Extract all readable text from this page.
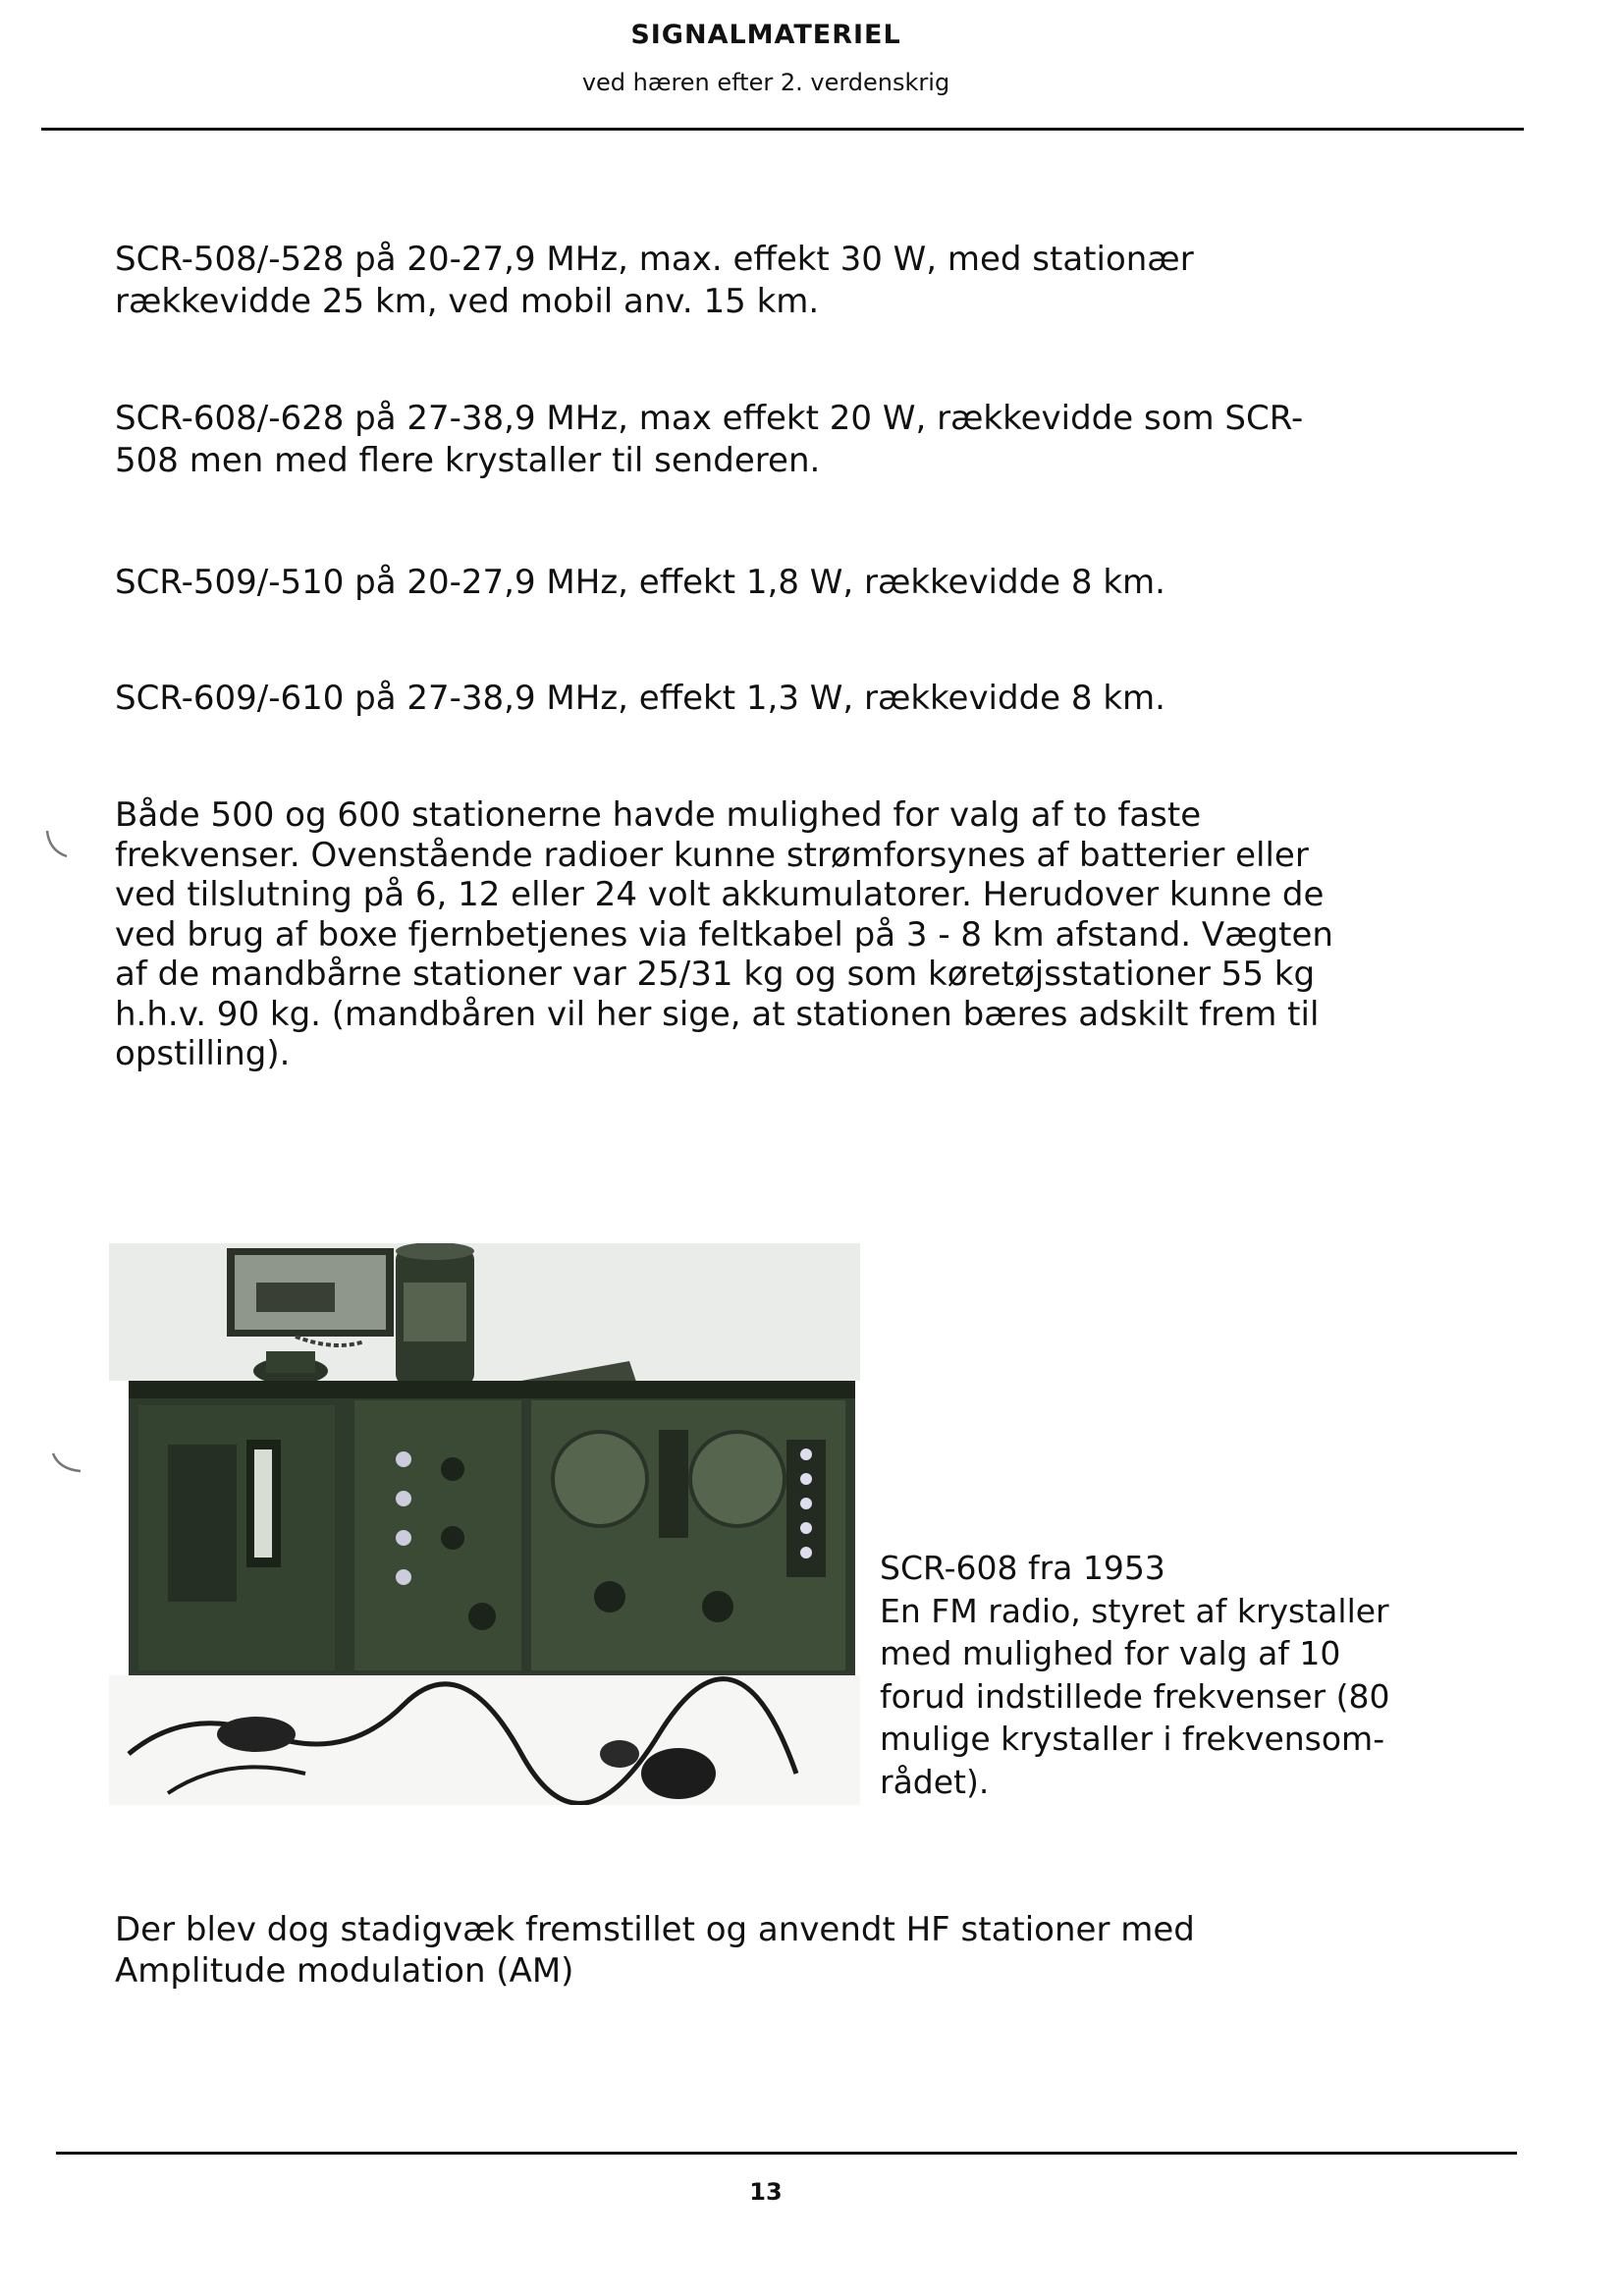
SIGNALMATERIEL
ved hæren efter 2. verdenskrig

SCR-508/-528 på 20-27,9 MHz, max. effekt 30 W, med stationær rækkevidde 25 km, ved mobil anv. 15 km.

SCR-608/-628 på 27-38,9 MHz, max effekt 20 W, rækkevidde som SCR-508 men med flere krystaller til senderen.

SCR-509/-510 på 20-27,9 MHz, effekt 1,8 W, rækkevidde 8 km.

SCR-609/-610 på 27-38,9 MHz, effekt 1,3 W, rækkevidde 8 km.

Både 500 og 600 stationerne havde mulighed for valg af to faste frekvenser. Ovenstående radioer kunne strømforsynes af batterier eller ved tilslutning på 6, 12 eller 24 volt akkumulatorer. Herudover kunne de ved brug af boxe fjernbetjenes via feltkabel på 3 - 8 km afstand. Vægten af de mandbårne stationer var 25/31 kg og som køretøjsstationer 55 kg h.h.v. 90 kg. (mandbåren vil her sige, at stationen bæres adskilt frem til opstilling).

SCR-608 fra 1953
En FM radio, styret af krystaller med mulighed for valg af 10 forud indstillede frekvenser (80 mulige krystaller i frekvensom-rådet).

Der blev dog stadigvæk fremstillet og anvendt HF stationer med Amplitude modulation (AM)

13
